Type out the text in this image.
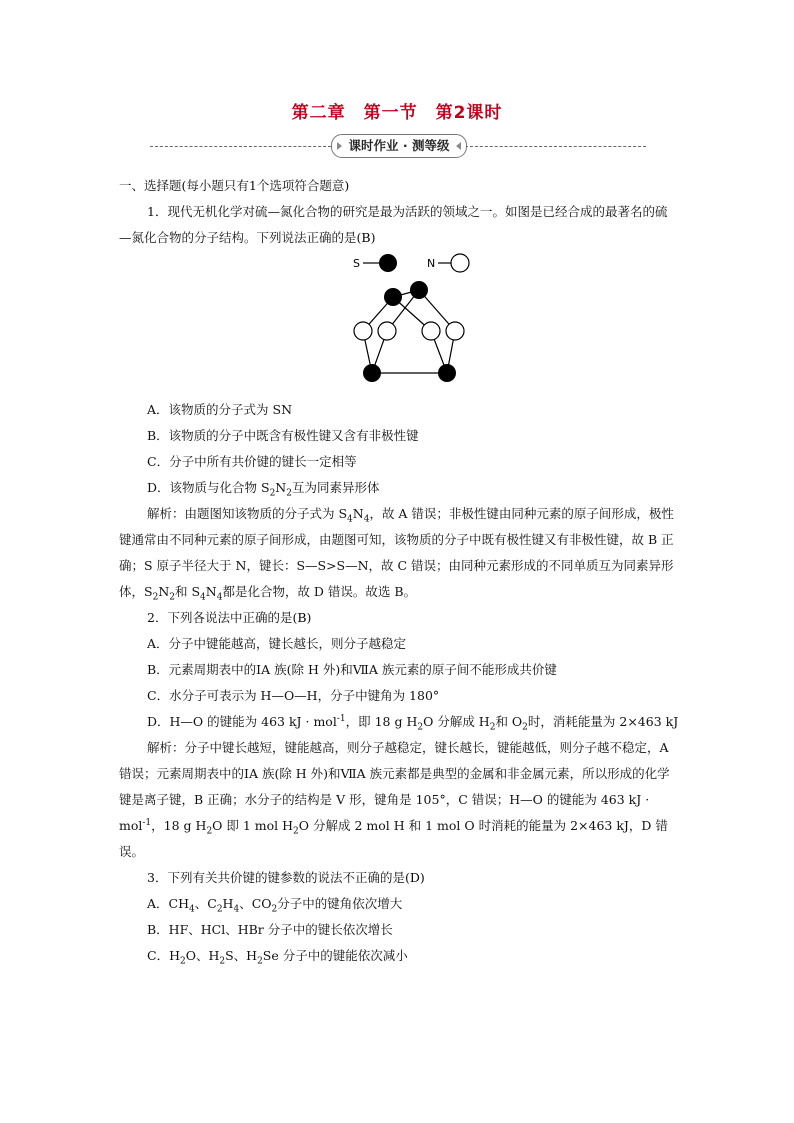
第二章　第一节　第2课时
课时作业 · 测等级

一、选择题(每小题只有1个选项符合题意)

1．现代无机化学对硫—氮化合物的研究是最为活跃的领域之一。如图是已经合成的最著名的硫—氮化合物的分子结构。下列说法正确的是(B)

S	N

A．该物质的分子式为 SN

B．该物质的分子中既含有极性键又含有非极性键

C．分子中所有共价键的键长一定相等

D．该物质与化合物 $S_2N_2$互为同素异形体

解析：由题图知该物质的分子式为 $S_4N_4$，故 A 错误；非极性键由同种元素的原子间形成，极性键通常由不同种元素的原子间形成，由题图可知，该物质的分子中既有极性键又有非极性键，故 B 正确；S 原子半径大于 N，键长：S—S>S—N，故 C 错误；由同种元素形成的不同单质互为同素异形体，$S_2N_2$和 $S_4N_4$都是化合物，故 D 错误。故选 B。

2．下列各说法中正确的是(B)

A．分子中键能越高，键长越长，则分子越稳定

B．元素周期表中的ⅠA 族(除 H 外)和ⅦA 族元素的原子间不能形成共价键

C．水分子可表示为 H—O—H，分子中键角为 180°

D．H—O 的键能为 463 kJ · mol$^{-1}$，即 18 g $H_2O$ 分解成 $H_2$和 $O_2$时，消耗能量为 2×463 kJ

解析：分子中键长越短，键能越高，则分子越稳定，键长越长，键能越低，则分子越不稳定，A 错误；元素周期表中的ⅠA 族(除 H 外)和ⅦA 族元素都是典型的金属和非金属元素，所以形成的化学键是离子键，B 正确；水分子的结构是 V 形，键角是 105°，C 错误；H—O 的键能为 463 kJ · mol$^{-1}$，18 g $H_2O$ 即 1 mol $H_2O$ 分解成 2 mol H 和 1 mol O 时消耗的能量为 2×463 kJ，D 错误。

3．下列有关共价键的键参数的说法不正确的是(D)

A．$CH_4$、$C_2H_4$、$CO_2$分子中的键角依次增大

B．HF、HCl、HBr 分子中的键长依次增长

C．$H_2O$、$H_2S$、$H_2Se$ 分子中的键能依次减小
